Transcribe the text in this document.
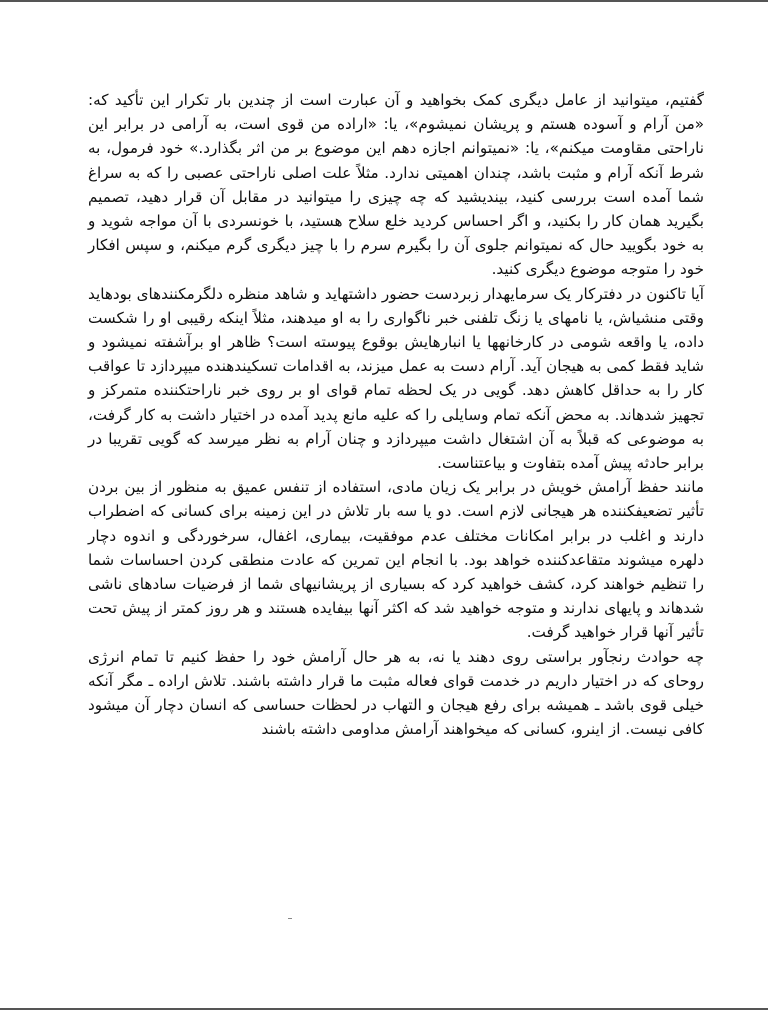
گفتیم، میتوانید از عامل دیگری کمک بخواهید و آن عبارت است از چندین بار تکرار این تأکید که: «من آرام و آسوده هستم و پریشان نمیشوم»، یا: «اراده من قوی است، به آرامی در برابر این ناراحتی مقاومت میکنم»، یا: «نمیتوانم اجازه دهم این موضوع بر من اثر بگذارد.» خود فرمول، به شرط آنکه آرام و مثبت باشد، چندان اهمیتی ندارد. مثلاً علت اصلی ناراحتی عصبی را که به سراغ شما آمده است بررسی کنید، بیندیشید که چه چیزی را میتوانید در مقابل آن قرار دهید، تصمیم بگیرید همان کار را بکنید، و اگر احساس کردید خلع سلاح هستید، با خونسردی با آن مواجه شوید و به خود بگویید حال که نمیتوانم جلوی آن را بگیرم سرم را با چیز دیگری گرم میکنم، و سپس افکار خود را متوجه موضوع دیگری کنید.

آیا تاکنون در دفترکار یک سرمایهدار زبردست حضور داشتهاید و شاهد منظره دلگرمکنندهای بودهاید وقتی منشیاش، یا نامهای یا زنگ تلفنی خبر ناگواری را به او میدهند، مثلاً اینکه رقیبی او را شکست داده، یا واقعه شومی در کارخانهها یا انبارهایش بوقوع پیوسته است؟ ظاهر او برآشفته نمیشود و شاید فقط کمی به هیجان آید. آرام دست به عمل میزند، به اقدامات تسکیندهنده میپردازد تا عواقب کار را به حداقل کاهش دهد. گویی در یک لحظه تمام قوای او بر روی خبر ناراحتکننده متمرکز و تجهیز شدهاند. به محض آنکه تمام وسایلی را که علیه مانع پدید آمده در اختیار داشت به کار گرفت، به موضوعی که قبلاً به آن اشتغال داشت میپردازد و چنان آرام به نظر میرسد که گویی تقریبا در برابر حادثه پیش آمده بتفاوت و بیاعتناست.

مانند حفظ آرامش خویش در برابر یک زیان مادی، استفاده از تنفس عمیق به منظور از بین بردن تأثیر تضعیفکننده هر هیجانی لازم است. دو یا سه بار تلاش در این زمینه برای کسانی که اضطراب دارند و اغلب در برابر امکانات مختلف عدم موفقیت، بیماری، اغفال، سرخوردگی و اندوه دچار دلهره میشوند متقاعدکننده خواهد بود. با انجام این تمرین که عادت منطقی کردن احساسات شما را تنظیم خواهند کرد، کشف خواهید کرد که بسیاری از پریشانیهای شما از فرضیات سادهای ناشی شدهاند و پایهای ندارند و متوجه خواهید شد که اکثر آنها بیفایده هستند و هر روز کمتر از پیش تحت تأثیر آنها قرار خواهید گرفت.

چه حوادث رنجآور براستی روی دهند یا نه، به هر حال آرامش خود را حفظ کنیم تا تمام انرژی روحای که در اختیار داریم در خدمت قوای فعاله مثبت ما قرار داشته باشند. تلاش اراده ـ مگر آنکه خیلی قوی باشد ـ همیشه برای رفع هیجان و التهاب در لحظات حساسی که انسان دچار آن میشود کافی نیست. از اینرو، کسانی که میخواهند آرامش مداومی داشته باشند
